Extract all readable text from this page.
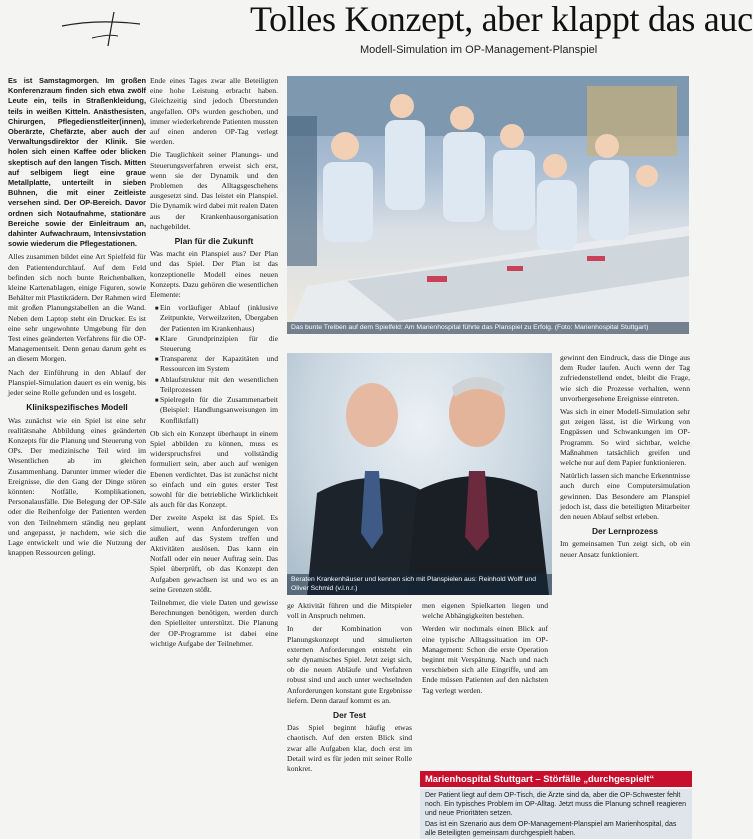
Tolles Konzept, aber klappt das auc

Modell-Simulation im OP-Management-Planspiel

Es ist Samstagmorgen. Im großen Konferenzraum finden sich etwa zwölf Leute ein, teils in Straßenkleidung, teils in weißen Kitteln. Anästhesisten, Chirurgen, Pflegedienstleiter(innen), Oberärzte, Chefärzte, aber auch der Verwaltungsdirektor der Klinik. Sie holen sich einen Kaffee oder blicken skeptisch auf den langen Tisch. Mitten auf selbigem liegt eine graue Metallplatte, unterteilt in sieben Bühnen, die mit einer Zeitleiste versehen sind. Der OP-Bereich. Davor ordnen sich Notaufnahme, stationäre Bereiche sowie der Einleitraum an, dahinter Aufwachraum, Intensivstation sowie wiederum die Pflegestationen.

Alles zusammen bildet eine Art Spielfeld für den Patientendurchlauf. Auf dem Feld befinden sich noch bunte Reichenbalken, kleine Kartenablagen, einige Figuren, sowie Behälter mit Plastikrädern. Der Rahmen wird mit großen Planungstabellen an die Wand. Neben dem Laptop steht ein Drucker. Es ist eine sehr ungewohnte Umgebung für den Test eines geänderten Verfahrens für die OP-Managementseit. Denn genau darum geht es an diesem Morgen.

Nach der Einführung in den Ablauf der Planspiel-Simulation dauert es ein wenig, bis jeder seine Rolle gefunden und es losgeht.

Klinikspezifisches Modell

Was zunächst wie ein Spiel ist eine sehr realitätsnahe Abbildung eines geänderten Konzepts für die Planung und Steuerung von OPs. Der medizinische Teil wird im Wesentlichen ab im gleichen Zusammenhang. Darunter immer wieder die Ereignisse, die den Gang der Dinge stören könnten: Notfälle, Komplikationen, Personalausfälle. Die Belegung der OP-Säle oder die Reihenfolge der Patienten werden von den Teilnehmern ständig neu geplant und angepasst, je nachdem, wie sich die Lage entwickelt und wie die Nutzung der knappen Ressourcen gelingt.

Ende eines Tages zwar alle Beteiligten eine hohe Leistung erbracht haben. Gleichzeitig sind jedoch Überstunden angefallen. OPs wurden geschoben, und immer wiederkehrende Patienten mussten auf einen anderen OP-Tag verlegt werden.

Die Tauglichkeit seiner Planungs- und Steuerungsverfahren erweist sich erst, wenn sie der Dynamik und den Problemen des Alltagsgeschehens ausgesetzt sind. Das leistet ein Planspiel. Die Dynamik wird dabei mit realen Daten aus der Krankenhausorganisation nachgebildet.

Plan für die Zukunft

Was macht ein Planspiel aus? Der Plan und das Spiel. Der Plan ist das konzeptionelle Modell eines neuen Konzepts. Dazu gehören die wesentlichen Elemente:

• Ein vorläufiger Ablauf (inklusive Zeitpunkte, Verweilzeiten, Übergaben der Patienten im Krankenhaus)
• Klare Grundprinzipien für die Steuerung
• Transparenz der Kapazitäten und Ressourcen im System
• Ablaufstruktur mit den wesentlichen Teilprozessen
• Spielregeln für die Zusammenarbeit (Beispiel: Handlungsanweisungen im Konfliktfall)

Ob sich ein Konzept überhaupt in einem Spiel abbilden zu können, muss es widerspruchsfrei und vollständig formuliert sein, aber auch auf wenigen Ebenen verdichtet. Das ist zunächst nicht so einfach und ein gutes erster Test sowohl für die betriebliche Wirklichkeit als auch für das Konzept.

Der zweite Aspekt ist das Spiel. Es simuliert, wenn Anforderungen von außen auf das System treffen und Aktivitäten auslösen. Das kann ein Notfall oder ein neuer Auftrag sein. Das Spiel überprüft, ob das Konzept den Aufgaben gewachsen ist und wo es an seine Grenzen stößt.

Teilnehmer, die viele Daten und gewisse Berechnungen benötigen, werden durch den Spielleiter unterstützt. Die Planung der OP-Programme ist dabei eine wichtige Aufgabe der Teilnehmer.

Das bunte Treiben auf dem Spielfeld: Am Marienhospital führte das Planspiel zu Erfolg. (Foto: Marienhospital Stuttgart)
Beraten Krankenhäuser und kennen sich mit Planspielen aus: Reinhold Wolff und Oliver Schmid (v.l.n.r.)

ge Aktivität führen und die Mitspieler voll in Anspruch nehmen.

In der Kombination von Planungskonzept und simulierten externen Anforderungen entsteht ein sehr dynamisches Spiel. Jetzt zeigt sich, ob die neuen Abläufe und Verfahren robust sind und auch unter wechselnden Anforderungen konstant gute Ergebnisse liefern. Denn darauf kommt es an.

Der Test

Das Spiel beginnt häufig etwas chaotisch. Auf den ersten Blick sind zwar alle Aufgaben klar, doch erst im Detail wird es für jeden mit seiner Rolle konkret.

men eigenen Spielkarten liegen und welche Abhängigkeiten bestehen.

Werden wir nochmals einen Blick auf eine typische Alltagssituation im OP-Management: Schon die erste Operation beginnt mit Verspätung. Nach und nach verschieben sich alle Eingriffe, und am Ende müssen Patienten auf den nächsten Tag verlegt werden.

gewinnt den Eindruck, dass die Dinge aus dem Ruder laufen. Auch wenn der Tag zufriedenstellend endet, bleibt die Frage, wie sich die Prozesse verhalten, wenn unvorhergesehene Ereignisse eintreten.

Was sich in einer Modell-Simulation sehr gut zeigen lässt, ist die Wirkung von Engpässen und Schwankungen im OP-Programm. So wird sichtbar, welche Maßnahmen tatsächlich greifen und welche nur auf dem Papier funktionieren.

Natürlich lassen sich manche Erkenntnisse auch durch eine Computersimulation gewinnen. Das Besondere am Planspiel jedoch ist, dass die beteiligten Mitarbeiter den neuen Ablauf selbst erleben.

Der Lernprozess

Im gemeinsamen Tun zeigt sich, ob ein neuer Ansatz funktioniert.

Marienhospital Stuttgart – Störfälle „durchgespielt“

Der Patient liegt auf dem OP-Tisch, die Ärzte sind da, aber die OP-Schwester fehlt noch. Ein typisches Problem im OP-Alltag. Jetzt muss die Planung schnell reagieren und neue Prioritäten setzen.

Das ist ein Szenario aus dem OP-Management-Planspiel am Marienhospital, das alle Beteiligten gemeinsam durchgespielt haben.
